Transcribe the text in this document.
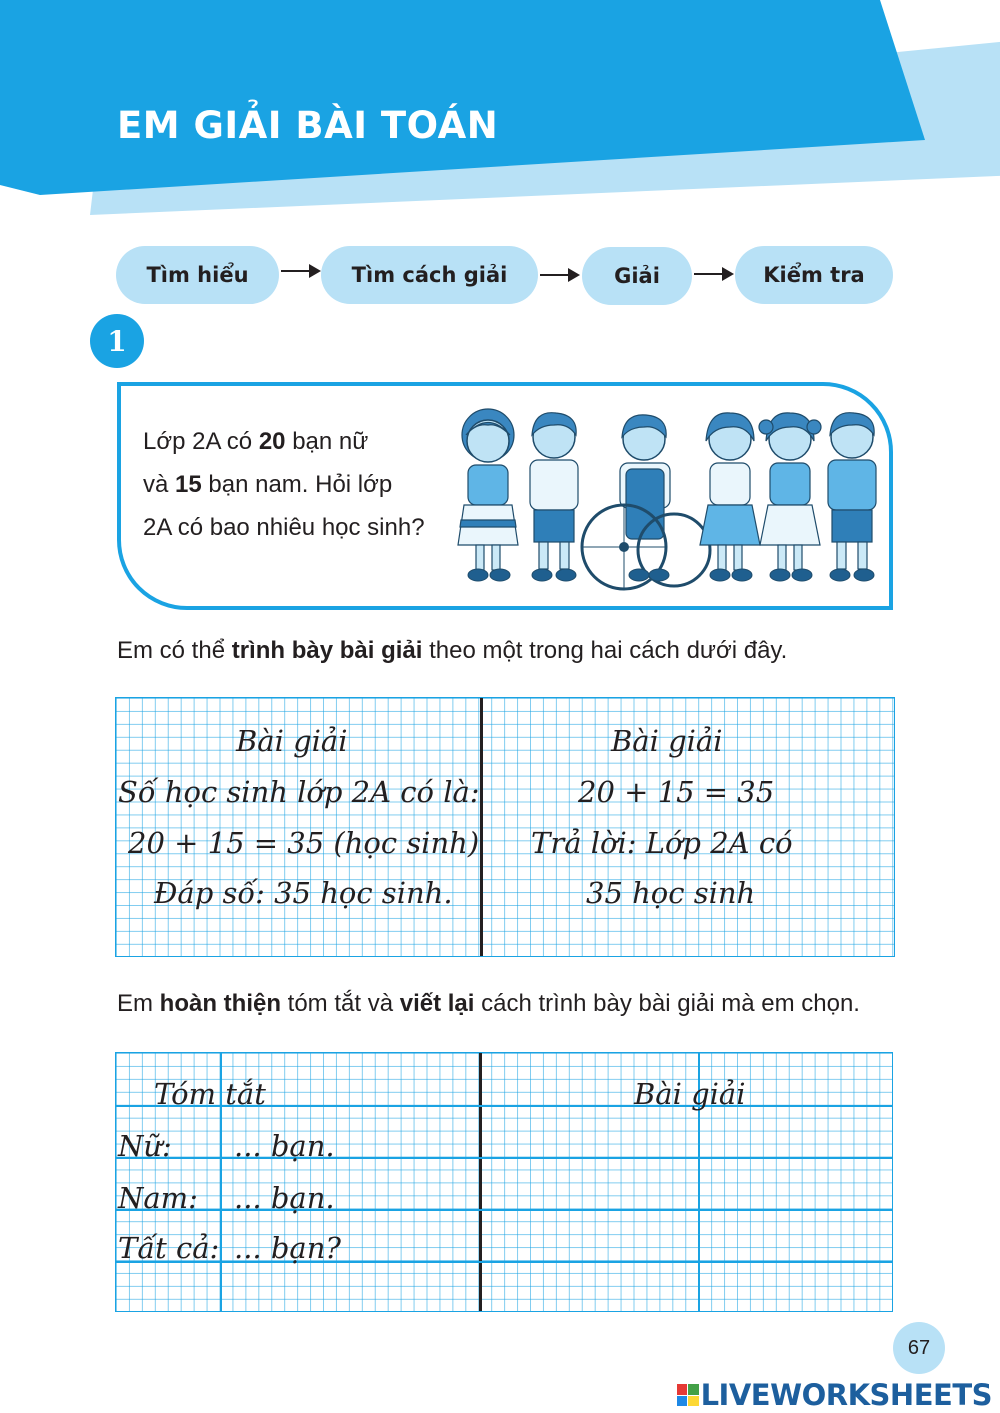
EM GIẢI BÀI TOÁN
Tìm hiểu	Tìm cách giải	Giải	Kiểm tra
1
Lớp 2A có 20 bạn nữ
và 15 bạn nam. Hỏi lớp
2A có bao nhiêu học sinh?
Em có thể trình bày bài giải theo một trong hai cách dưới đây.
Bài giải
Số học sinh lớp 2A có là:
20 + 15 = 35 (học sinh)
Đáp số: 35 học sinh.
Bài giải
20 + 15 = 35
Trả lời: Lớp 2A có
35 học sinh
Em hoàn thiện tóm tắt và viết lại cách trình bày bài giải mà em chọn.
Tóm tắt
Nữ: ... bạn.
Nam: ... bạn.
Tất cả: ... bạn?
Bài giải
67
LIVEWORKSHEETS
